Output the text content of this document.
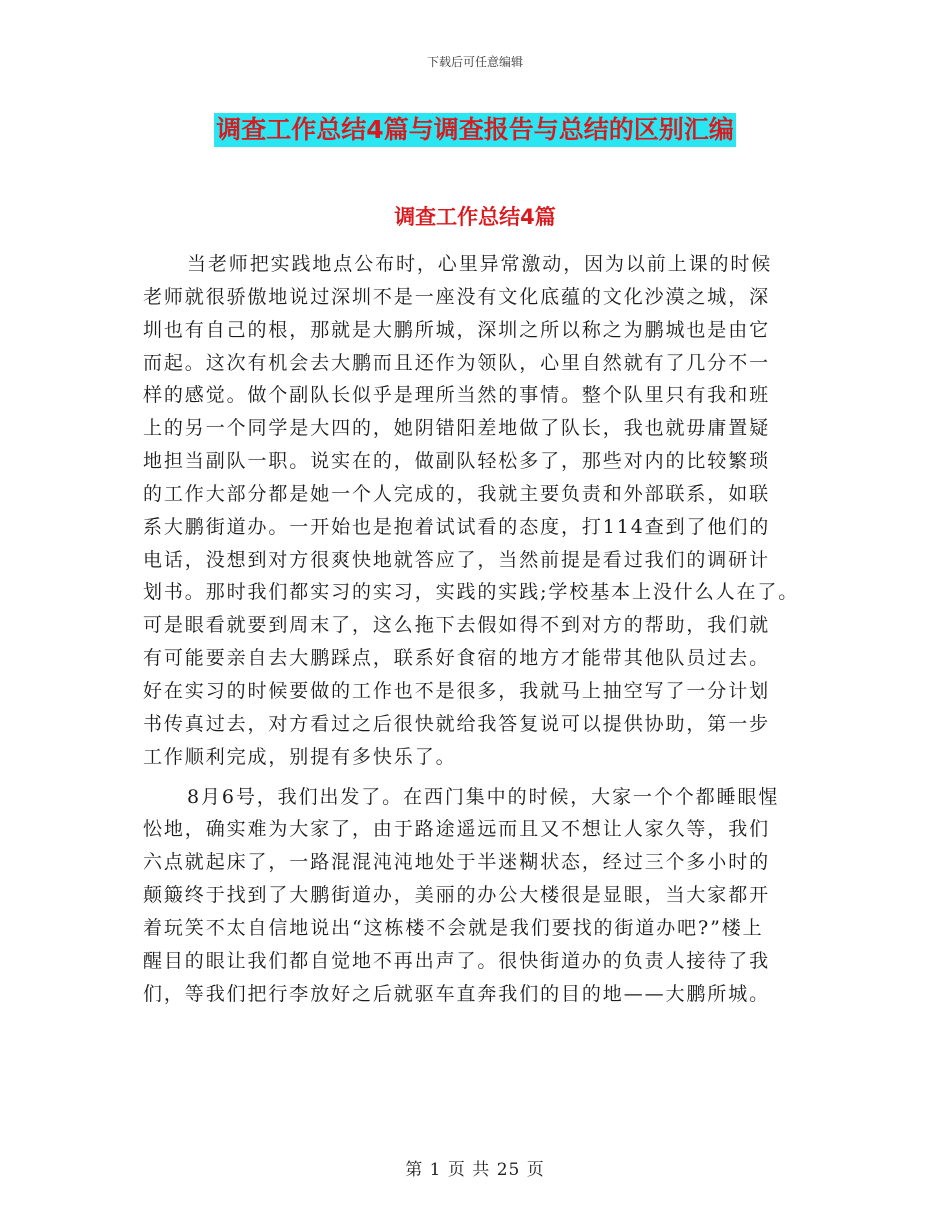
下载后可任意编辑
调查工作总结4篇与调查报告与总结的区别汇编
调查工作总结4篇
当老师把实践地点公布时，心里异常激动，因为以前上课的时候
老师就很骄傲地说过深圳不是一座没有文化底蕴的文化沙漠之城，深
圳也有自己的根，那就是大鹏所城，深圳之所以称之为鹏城也是由它
而起。这次有机会去大鹏而且还作为领队，心里自然就有了几分不一
样的感觉。做个副队长似乎是理所当然的事情。整个队里只有我和班
上的另一个同学是大四的，她阴错阳差地做了队长，我也就毋庸置疑
地担当副队一职。说实在的，做副队轻松多了，那些对内的比较繁琐
的工作大部分都是她一个人完成的，我就主要负责和外部联系，如联
系大鹏街道办。一开始也是抱着试试看的态度，打114查到了他们的
电话，没想到对方很爽快地就答应了，当然前提是看过我们的调研计
划书。那时我们都实习的实习，实践的实践;学校基本上没什么人在了。
可是眼看就要到周末了，这么拖下去假如得不到对方的帮助，我们就
有可能要亲自去大鹏踩点，联系好食宿的地方才能带其他队员过去。
好在实习的时候要做的工作也不是很多，我就马上抽空写了一分计划
书传真过去，对方看过之后很快就给我答复说可以提供协助，第一步
工作顺利完成，别提有多快乐了。
8月6号，我们出发了。在西门集中的时候，大家一个个都睡眼惺
忪地，确实难为大家了，由于路途遥远而且又不想让人家久等，我们
六点就起床了，一路混混沌沌地处于半迷糊状态，经过三个多小时的
颠簸终于找到了大鹏街道办，美丽的办公大楼很是显眼，当大家都开
着玩笑不太自信地说出“这栋楼不会就是我们要找的街道办吧?”楼上
醒目的眼让我们都自觉地不再出声了。很快街道办的负责人接待了我
们，等我们把行李放好之后就驱车直奔我们的目的地——大鹏所城。
第 1 页 共 25 页
